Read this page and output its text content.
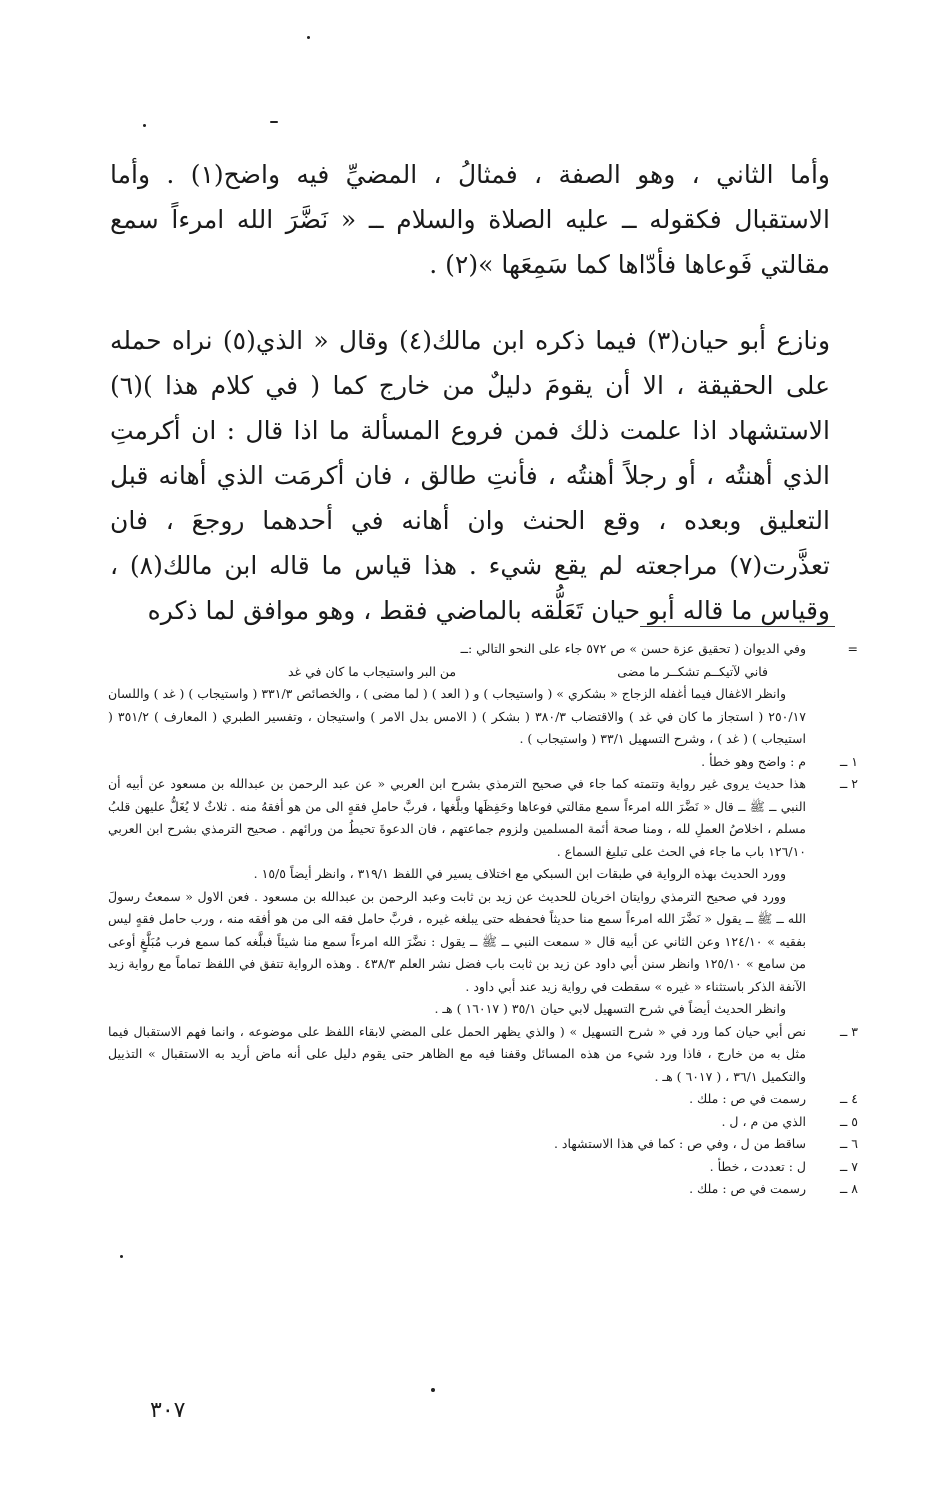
وأما الثاني ، وهو الصفة ، فمثالُ ، المضيِّ فيه واضح(١) . وأما الاستقبال فكقوله ــ عليه الصلاة والسلام ــ « نَضَّرَ الله امرءاً سمع مقالتي فَوعاها فأدّاها كما سَمِعَها »(٢) .

ونازع أبو حيان(٣) فيما ذكره ابن مالك(٤) وقال « الذي(٥) نراه حمله على الحقيقة ، الا أن يقومَ دليلٌ من خارج كما ( في كلام هذا )(٦) الاستشهاد اذا علمت ذلك فمن فروع المسألة ما اذا قال : ان أكرمتِ الذي أهنتُه ، أو رجلاً أهنتُه ، فأنتِ طالق ، فان أكرمَت الذي أهانه قبل التعليق وبعده ، وقع الحنث وان أهانه في أحدهما روجعَ ، فان تعذَّرت(٧) مراجعته لم يقع شيء . هذا قياس ما قاله ابن مالك(٨) ، وقياس ما قاله أبو حيان تَعَلُّقه بالماضي فقط ، وهو موافق لما ذكره

=
وفي الديوان ( تحقيق عزة حسن » ص ٥٧٢ جاء على النحو التالي :ــ
فاني لآتيكــم تشكــر ما مضى
من البر واستيجاب ما كان في غد
وانظر الاغفال فيما أغفله الزجاج « بشكري » ( واستيجاب ) و ( العد ) ( لما مضى ) ، والخصائص ٣٣١/٣ ( واستيجاب ) ( غد ) واللسان ٢٥٠/١٧ ( استجاز ما كان في غد ) والاقتضاب ٣٨٠/٣ ( بشكر ) ( الامس بدل الامر ) واستيجان ، وتفسير الطبري ( المعارف ) ٣٥١/٢ ( استيجاب ) ( غد ) ، وشرح التسهيل ٣٣/١ ( واستيجاب ) .
١ ــ
م : واضح وهو خطأ .
٢ ــ
هذا حديث يروى غير رواية وتتمته كما جاء في صحيح الترمذي بشرح ابن العربي « عن عبد الرحمن بن عبدالله بن مسعود عن أبيه أن النبي ــ ﷺ ــ قال « نَضَّرَ الله امرءاً سمع مقالتي فوعاها وحَفِظَها وبلَّغها ، فربَّ حاملِ فقهٍ الى من هو أفقهُ منه . ثلاثٌ لا يُغَلُّ عليهن قلبُ مسلم ، اخلاصُ العملِ لله ، ومنا صحة أئمة المسلمين ولزوم جماعتهم ، فان الدعوةَ تحيطُ من ورائهم . صحيح الترمذي بشرح ابن العربي ١٢٦/١٠ باب ما جاء في الحث على تبليغ السماع .
وورد الحديث بهذه الرواية في طبقات ابن السبكي مع اختلاف يسير في اللفظ ٣١٩/١ ، وانظر أيضاً ١٥/٥ .
وورد في صحيح الترمذي روايتان اخريان للحديث عن زيد بن ثابت وعبد الرحمن بن عبدالله بن مسعود . فعن الاول « سمعتُ رسولَ الله ــ ﷺ ــ يقول « نَضَّرَ الله امرءاً سمع منا حديثاً فحفظه حتى يبلغه غيره ، فربَّ حامل فقه الى من هو أفقه منه ، ورب حامل فقهٍ ليس بفقيه » ١٢٤/١٠ وعن الثاني عن أبيه قال « سمعت النبي ــ ﷺ ــ يقول : نضَّرَ الله امرءاً سمع منا شيئاً فبلَّغه كما سمع فرب مُبَلَّغٍ أوعى من سامع » ١٢٥/١٠ وانظر سنن أبي داود عن زيد بن ثابت باب فضل نشر العلم ٤٣٨/٣ . وهذه الرواية تتفق في اللفظ تماماً مع رواية زيد الآنفة الذكر باستثناء « غيره » سقطت في رواية زيد عند أبي داود .
وانظر الحديث أيضاً في شرح التسهيل لابي حيان ٣٥/١ ( ١٦٠١٧ ) هـ .
٣ ــ
نص أبي حيان كما ورد في « شرح التسهيل » ( والذي يظهر الحمل على المضي لابقاء اللفظ على موضوعه ، وانما فهم الاستقبال فيما مثل به من خارج ، فاذا ورد شيء من هذه المسائل وقفنا فيه مع الظاهر حتى يقوم دليل على أنه ماض أريد به الاستقبال » التذييل والتكميل ٣٦/١ ، ( ٦٠١٧ ) هـ .
٤ ــ
رسمت في ص : ملك .
٥ ــ
الذي من م ، ل .
٦ ــ
ساقط من ل ، وفي ص : كما في هذا الاستشهاد .
٧ ــ
ل : تعددت ، خطأ .
٨ ــ
رسمت في ص : ملك .
٣٠٧
